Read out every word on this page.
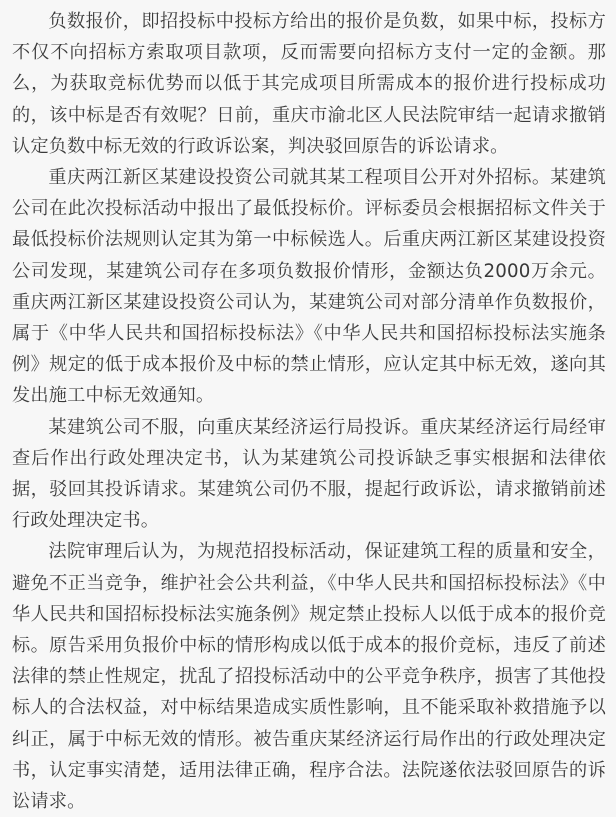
负数报价，即招投标中投标方给出的报价是负数，如果中标，投标方不仅不向招标方索取项目款项，反而需要向招标方支付一定的金额。那么，为获取竞标优势而以低于其完成项目所需成本的报价进行投标成功的，该中标是否有效呢？日前，重庆市渝北区人民法院审结一起请求撤销认定负数中标无效的行政诉讼案，判决驳回原告的诉讼请求。

重庆两江新区某建设投资公司就其某工程项目公开对外招标。某建筑公司在此次投标活动中报出了最低投标价。评标委员会根据招标文件关于最低投标价法规则认定其为第一中标候选人。后重庆两江新区某建设投资公司发现，某建筑公司存在多项负数报价情形，金额达负2000万余元。重庆两江新区某建设投资公司认为，某建筑公司对部分清单作负数报价，属于《中华人民共和国招标投标法》《中华人民共和国招标投标法实施条例》规定的低于成本报价及中标的禁止情形，应认定其中标无效，遂向其发出施工中标无效通知。

某建筑公司不服，向重庆某经济运行局投诉。重庆某经济运行局经审查后作出行政处理决定书，认为某建筑公司投诉缺乏事实根据和法律依据，驳回其投诉请求。某建筑公司仍不服，提起行政诉讼，请求撤销前述行政处理决定书。

法院审理后认为，为规范招投标活动，保证建筑工程的质量和安全，避免不正当竞争，维护社会公共利益，《中华人民共和国招标投标法》《中华人民共和国招标投标法实施条例》规定禁止投标人以低于成本的报价竞标。原告采用负报价中标的情形构成以低于成本的报价竞标，违反了前述法律的禁止性规定，扰乱了招投标活动中的公平竞争秩序，损害了其他投标人的合法权益，对中标结果造成实质性影响，且不能采取补救措施予以纠正，属于中标无效的情形。被告重庆某经济运行局作出的行政处理决定书，认定事实清楚，适用法律正确，程序合法。法院遂依法驳回原告的诉讼请求。
